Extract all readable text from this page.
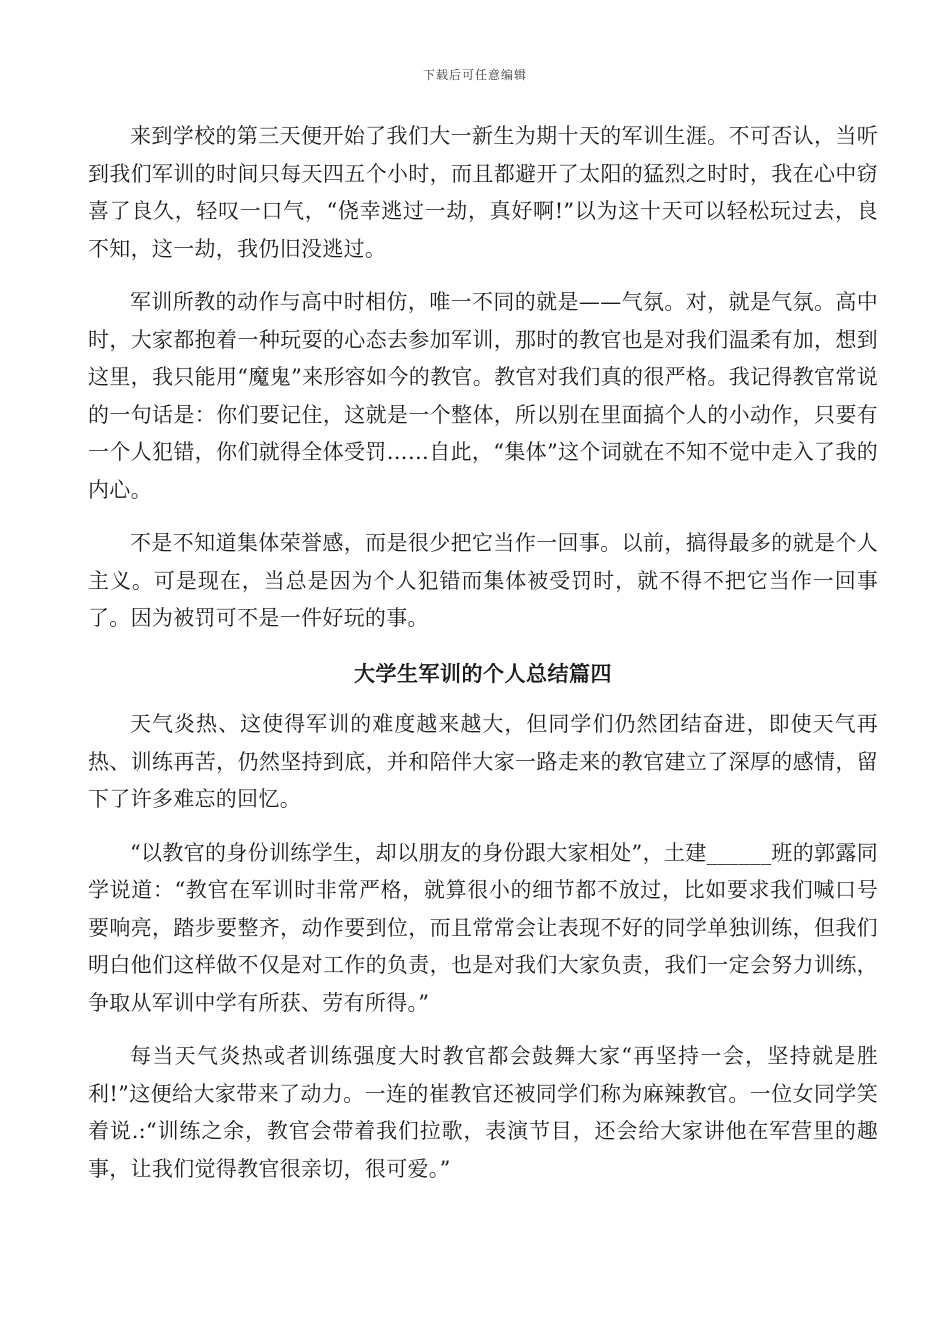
下载后可任意编辑

来到学校的第三天便开始了我们大一新生为期十天的军训生涯。不可否认，当听到我们军训的时间只每天四五个小时，而且都避开了太阳的猛烈之时时，我在心中窃喜了良久，轻叹一口气，“侥幸逃过一劫，真好啊!”以为这十天可以轻松玩过去，良不知，这一劫，我仍旧没逃过。

军训所教的动作与高中时相仿，唯一不同的就是——气氛。对，就是气氛。高中时，大家都抱着一种玩耍的心态去参加军训，那时的教官也是对我们温柔有加，想到这里，我只能用“魔鬼”来形容如今的教官。教官对我们真的很严格。我记得教官常说的一句话是：你们要记住，这就是一个整体，所以别在里面搞个人的小动作，只要有一个人犯错，你们就得全体受罚……自此，“集体”这个词就在不知不觉中走入了我的内心。

不是不知道集体荣誉感，而是很少把它当作一回事。以前，搞得最多的就是个人主义。可是现在，当总是因为个人犯错而集体被受罚时，就不得不把它当作一回事了。因为被罚可不是一件好玩的事。

大学生军训的个人总结篇四

天气炎热、这使得军训的难度越来越大，但同学们仍然团结奋进，即使天气再热、训练再苦，仍然坚持到底，并和陪伴大家一路走来的教官建立了深厚的感情，留下了许多难忘的回忆。

“以教官的身份训练学生，却以朋友的身份跟大家相处”，土建______班的郭露同学说道：“教官在军训时非常严格，就算很小的细节都不放过，比如要求我们喊口号要响亮，踏步要整齐，动作要到位，而且常常会让表现不好的同学单独训练，但我们明白他们这样做不仅是对工作的负责，也是对我们大家负责，我们一定会努力训练，争取从军训中学有所获、劳有所得。”

每当天气炎热或者训练强度大时教官都会鼓舞大家“再坚持一会，坚持就是胜利!”这便给大家带来了动力。一连的崔教官还被同学们称为麻辣教官。一位女同学笑着说.:“训练之余，教官会带着我们拉歌，表演节目，还会给大家讲他在军营里的趣事，让我们觉得教官很亲切，很可爱。”
